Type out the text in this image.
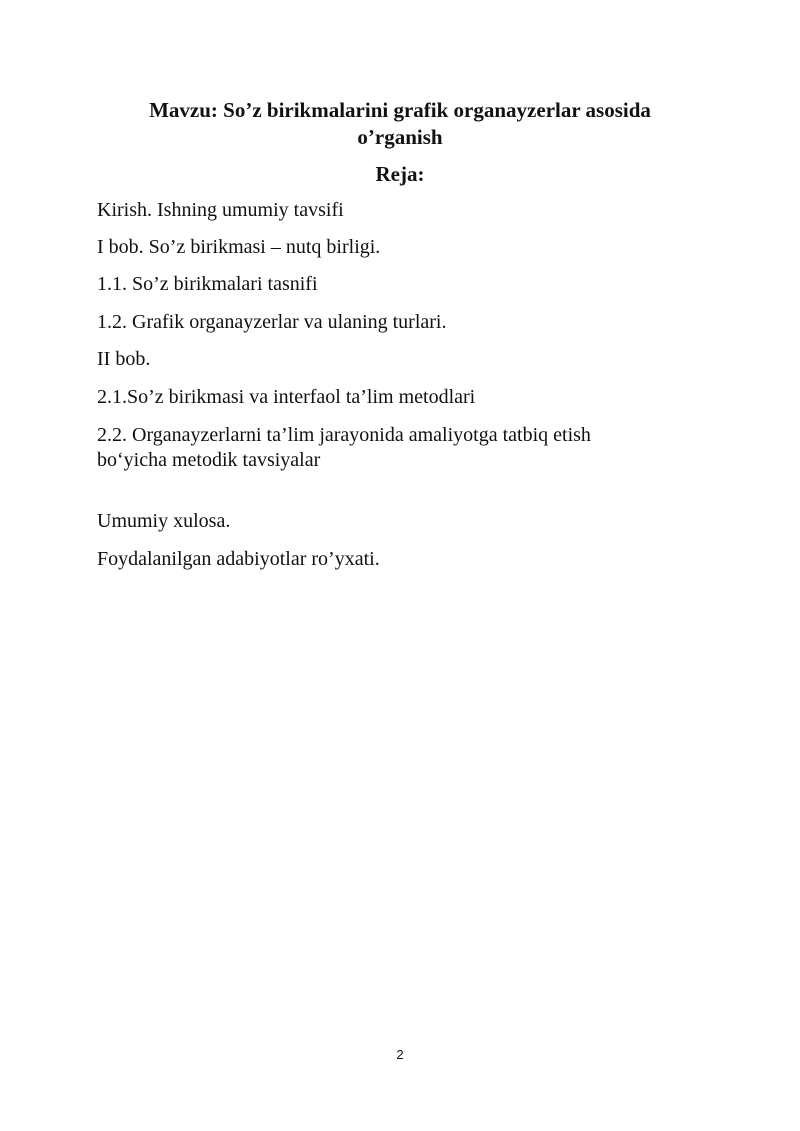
Mavzu: So’z birikmalarini grafik organayzerlar asosida
o’rganish
Reja:
Kirish. Ishning umumiy tavsifi
I bob. So’z birikmasi – nutq birligi.
1.1. So’z birikmalari tasnifi
1.2. Grafik organayzerlar va ulaning turlari.
II bob.
2.1.So’z birikmasi va interfaol ta’lim metodlari
2.2. Organayzerlarni ta’lim jarayonida amaliyotga tatbiq etish
bo‘yicha metodik tavsiyalar
Umumiy xulosa.
Foydalanilgan adabiyotlar ro’yxati.
2
